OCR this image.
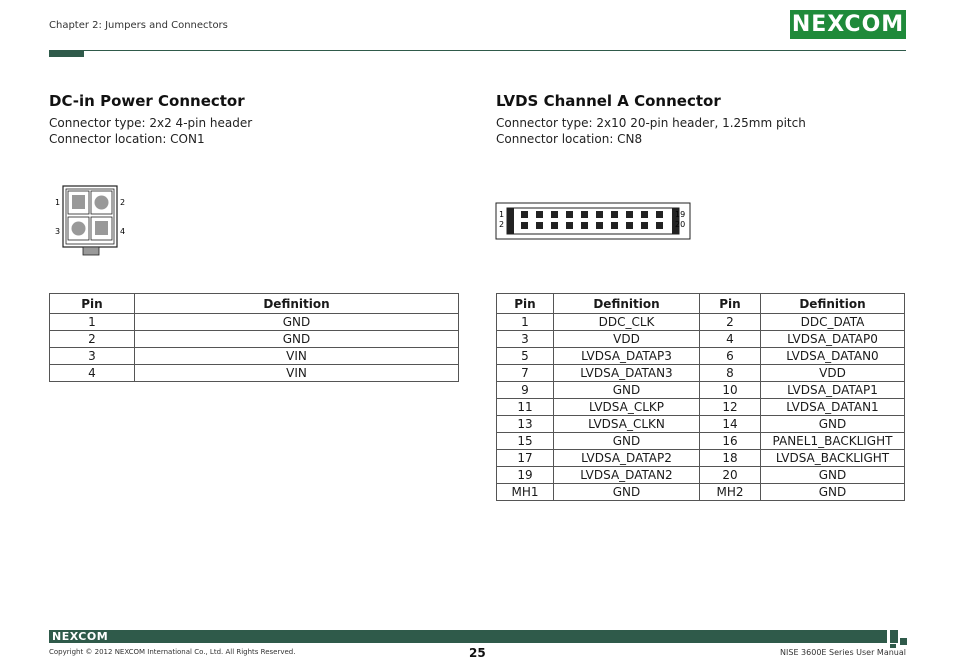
Chapter 2: Jumpers and Connectors	NEXCOM
DC-in Power Connector
Connector type: 2x2 4-pin header
Connector location: CON1
1	2
3	4
Pin	Definition
1	GND
2	GND
3	VIN
4	VIN
LVDS Channel A Connector
Connector type: 2x10 20-pin header, 1.25mm pitch
Connector location: CN8
1
2
19
20
Pin	Definition	Pin	Definition
1	DDC_CLK	2	DDC_DATA
3	VDD	4	LVDSA_DATAP0
5	LVDSA_DATAP3	6	LVDSA_DATAN0
7	LVDSA_DATAN3	8	VDD
9	GND	10	LVDSA_DATAP1
11	LVDSA_CLKP	12	LVDSA_DATAN1
13	LVDSA_CLKN	14	GND
15	GND	16	PANEL1_BACKLIGHT
17	LVDSA_DATAP2	18	LVDSA_BACKLIGHT
19	LVDSA_DATAN2	20	GND
MH1	GND	MH2	GND
NEXCOM
Copyright © 2012 NEXCOM International Co., Ltd. All Rights Reserved.	25	NISE 3600E Series User Manual
